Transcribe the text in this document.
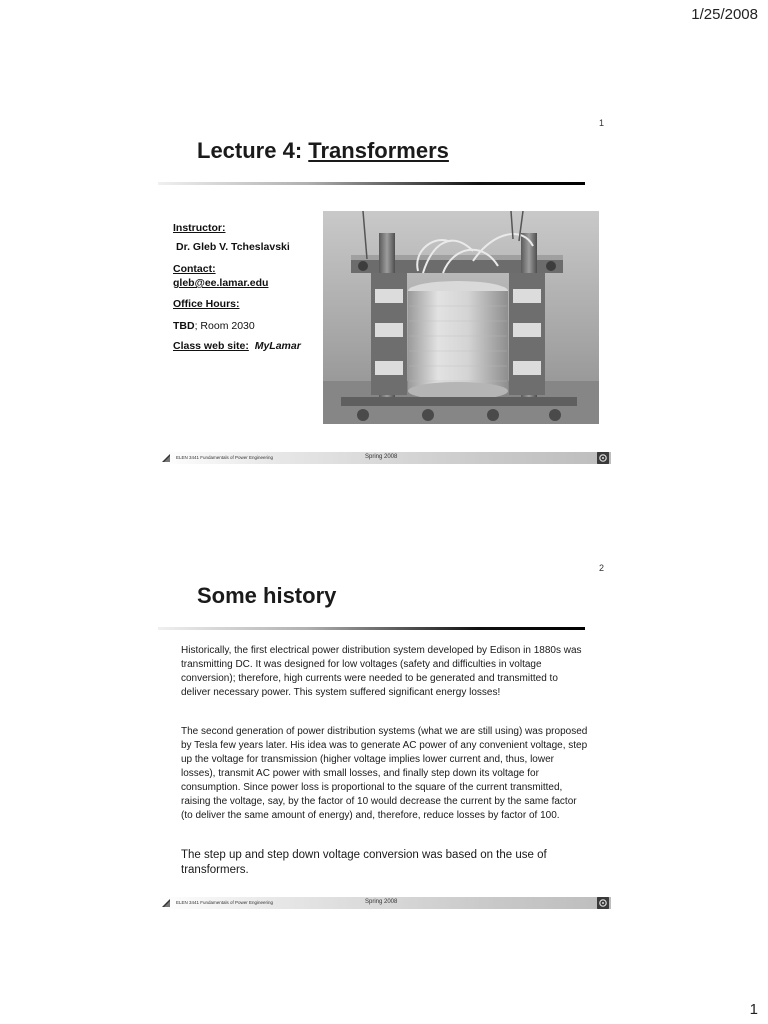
1/25/2008
1
1
Lecture 4: Transformers
Instructor:
Dr. Gleb V. Tcheslavski
Contact:
gleb@ee.lamar.edu
Office Hours:
TBD; Room 2030
Class web site: MyLamar
ELEN 3441 Fundamentals of Power Engineering	Spring 2008
2
Some history
Historically, the first electrical power distribution system developed by Edison in 1880s was transmitting DC. It was designed for low voltages (safety and difficulties in voltage conversion); therefore, high currents were needed to be generated and transmitted to deliver necessary power. This system suffered significant energy losses!
The second generation of power distribution systems (what we are still using) was proposed by Tesla few years later. His idea was to generate AC power of any convenient voltage, step up the voltage for transmission (higher voltage implies lower current and, thus, lower losses), transmit AC power with small losses, and finally step down its voltage for consumption. Since power loss is proportional to the square of the current transmitted, raising the voltage, say, by the factor of 10 would decrease the current by the same factor (to deliver the same amount of energy) and, therefore, reduce losses by factor of 100.
The step up and step down voltage conversion was based on the use of transformers.
ELEN 3441 Fundamentals of Power Engineering	Spring 2008
